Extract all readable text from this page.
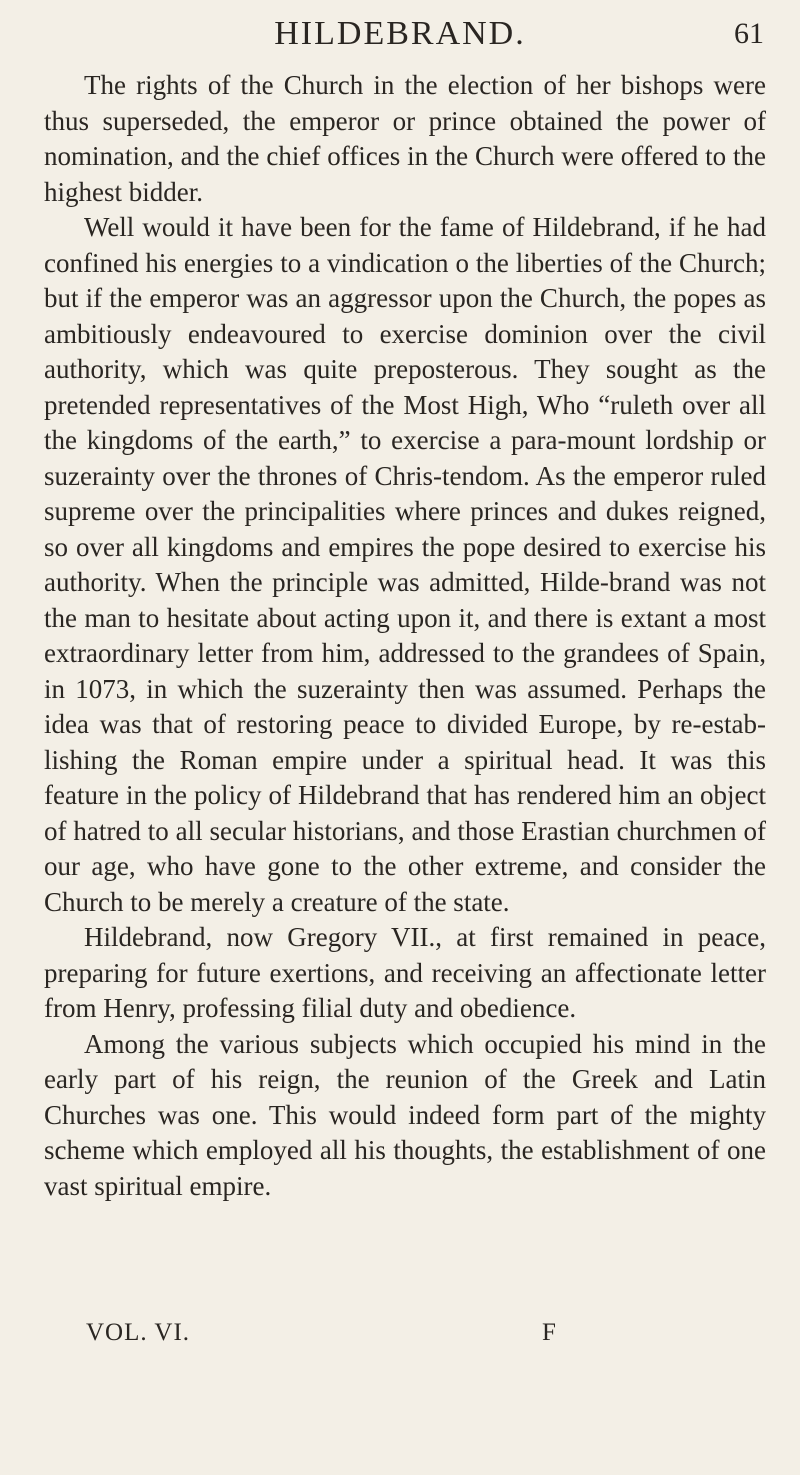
HILDEBRAND.	61

The rights of the Church in the election of her bishops were thus superseded, the emperor or prince obtained the power of nomination, and the chief offices in the Church were offered to the highest bidder.

Well would it have been for the fame of Hildebrand, if he had confined his energies to a vindication o the liberties of the Church; but if the emperor was an aggressor upon the Church, the popes as ambitiously endeavoured to exercise dominion over the civil authority, which was quite preposterous. They sought as the pretended representatives of the Most High, Who “ruleth over all the kingdoms of the earth,” to exercise a para-mount lordship or suzerainty over the thrones of Chris-tendom. As the emperor ruled supreme over the principalities where princes and dukes reigned, so over all kingdoms and empires the pope desired to exercise his authority. When the principle was admitted, Hilde-brand was not the man to hesitate about acting upon it, and there is extant a most extraordinary letter from him, addressed to the grandees of Spain, in 1073, in which the suzerainty then was assumed. Perhaps the idea was that of restoring peace to divided Europe, by re-estab-lishing the Roman empire under a spiritual head. It was this feature in the policy of Hildebrand that has rendered him an object of hatred to all secular historians, and those Erastian churchmen of our age, who have gone to the other extreme, and consider the Church to be merely a creature of the state.

Hildebrand, now Gregory VII., at first remained in peace, preparing for future exertions, and receiving an affectionate letter from Henry, professing filial duty and obedience.

Among the various subjects which occupied his mind in the early part of his reign, the reunion of the Greek and Latin Churches was one. This would indeed form part of the mighty scheme which employed all his thoughts, the establishment of one vast spiritual empire.

VOL. VI.	F
